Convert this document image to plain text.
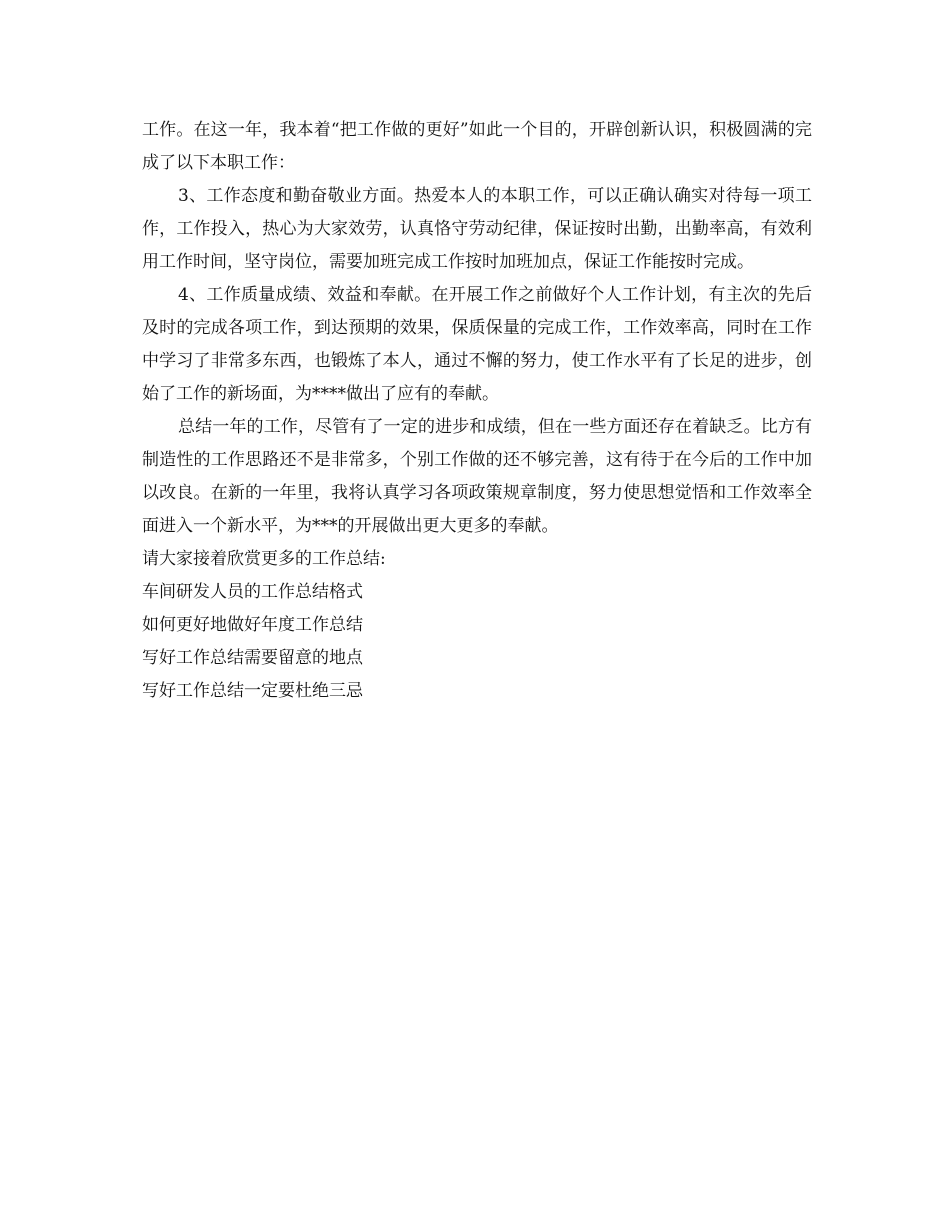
工作。在这一年，我本着“把工作做的更好”如此一个目的，开辟创新认识，积极圆满的完成了以下本职工作：

3、工作态度和勤奋敬业方面。热爱本人的本职工作，可以正确认确实对待每一项工作，工作投入，热心为大家效劳，认真恪守劳动纪律，保证按时出勤，出勤率高，有效利用工作时间，坚守岗位，需要加班完成工作按时加班加点，保证工作能按时完成。

4、工作质量成绩、效益和奉献。在开展工作之前做好个人工作计划，有主次的先后及时的完成各项工作，到达预期的效果，保质保量的完成工作，工作效率高，同时在工作中学习了非常多东西，也锻炼了本人，通过不懈的努力，使工作水平有了长足的进步，创始了工作的新场面，为****做出了应有的奉献。

总结一年的工作，尽管有了一定的进步和成绩，但在一些方面还存在着缺乏。比方有制造性的工作思路还不是非常多，个别工作做的还不够完善，这有待于在今后的工作中加以改良。在新的一年里，我将认真学习各项政策规章制度，努力使思想觉悟和工作效率全面进入一个新水平，为***的开展做出更大更多的奉献。

请大家接着欣赏更多的工作总结:

车间研发人员的工作总结格式
如何更好地做好年度工作总结
写好工作总结需要留意的地点
写好工作总结一定要杜绝三忌
